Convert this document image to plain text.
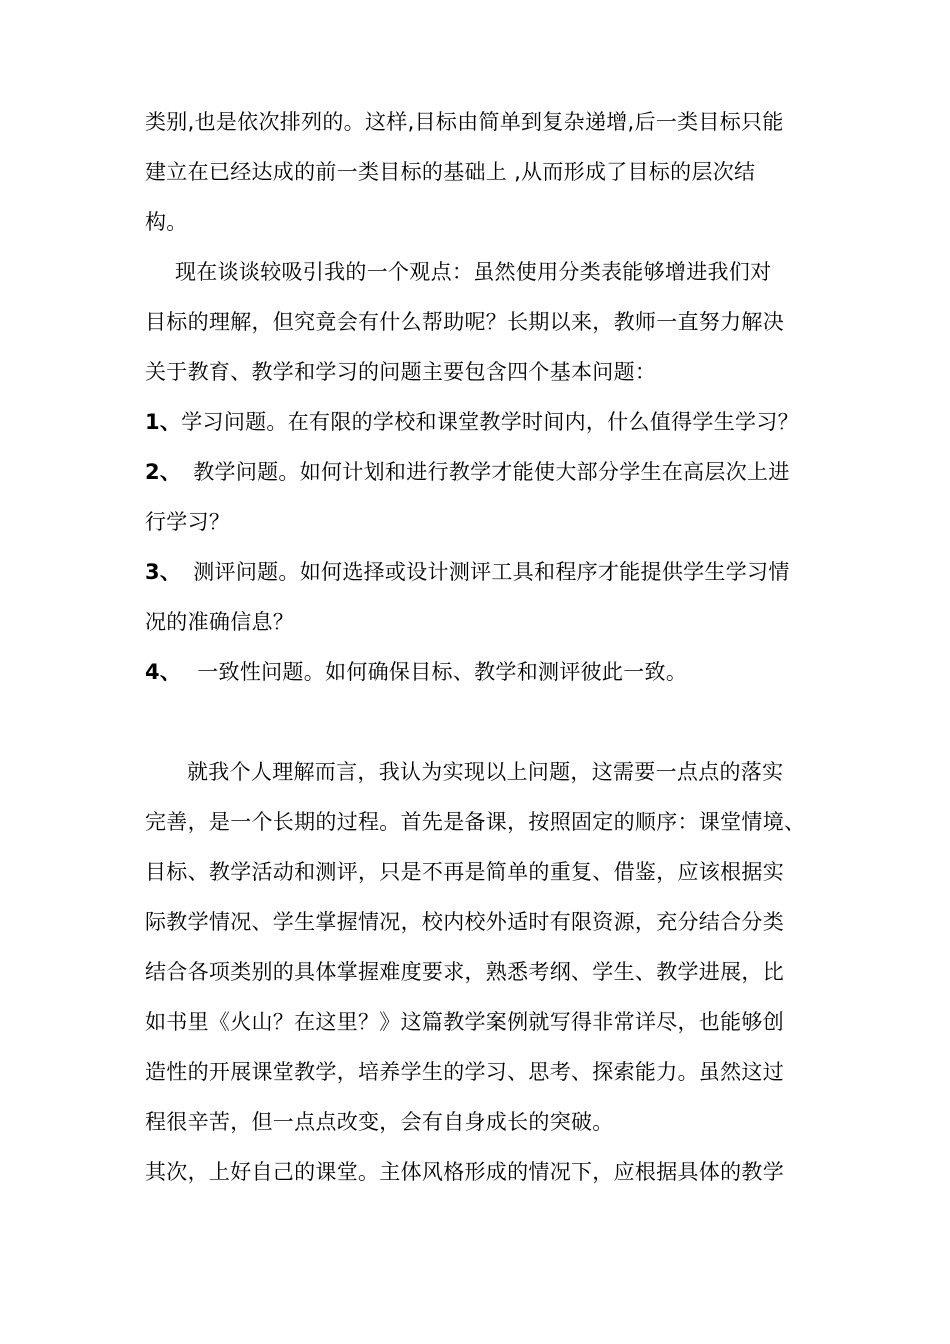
类别,也是依次排列的。这样,目标由简单到复杂递增,后一类目标只能
建立在已经达成的前一类目标的基础上 ,从而形成了目标的层次结
构。
现在谈谈较吸引我的一个观点：虽然使用分类表能够增进我们对
目标的理解，但究竟会有什么帮助呢？长期以来，教师一直努力解决
关于教育、教学和学习的问题主要包含四个基本问题：
1、学习问题。在有限的学校和课堂教学时间内，什么值得学生学习？
2、 教学问题。如何计划和进行教学才能使大部分学生在高层次上进
行学习？
3、 测评问题。如何选择或设计测评工具和程序才能提供学生学习情
况的准确信息？
4、 一致性问题。如何确保目标、教学和测评彼此一致。
就我个人理解而言，我认为实现以上问题，这需要一点点的落实
完善，是一个长期的过程。首先是备课，按照固定的顺序：课堂情境、
目标、教学活动和测评，只是不再是简单的重复、借鉴，应该根据实
际教学情况、学生掌握情况，校内校外适时有限资源，充分结合分类
结合各项类别的具体掌握难度要求，熟悉考纲、学生、教学进展，比
如书里《火山？在这里？》这篇教学案例就写得非常详尽，也能够创
造性的开展课堂教学，培养学生的学习、思考、探索能力。虽然这过
程很辛苦，但一点点改变，会有自身成长的突破。
其次，上好自己的课堂。主体风格形成的情况下，应根据具体的教学
